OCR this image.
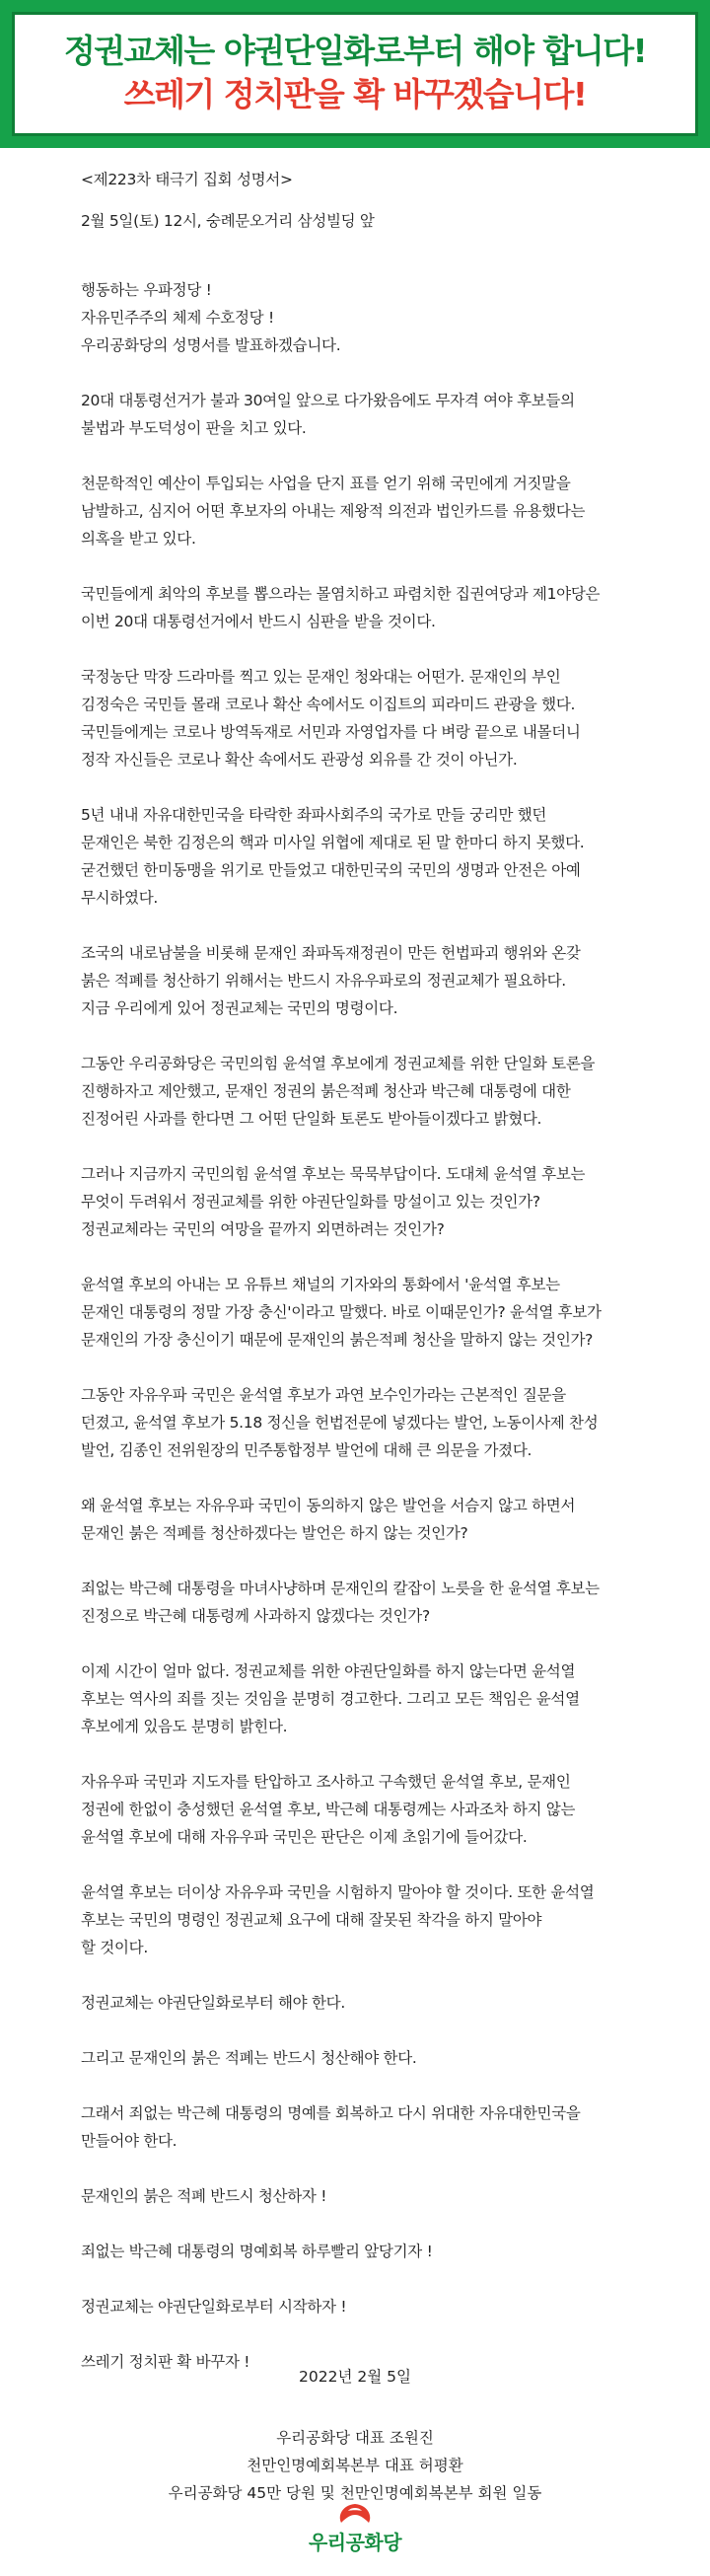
정권교체는 야권단일화로부터 해야 합니다!
쓰레기 정치판을 확 바꾸겠습니다!

<제223차 태극기 집회 성명서>

2월 5일(토) 12시, 숭례문오거리 삼성빌딩 앞

행동하는 우파정당 !
자유민주주의 체제 수호정당 !
우리공화당의 성명서를 발표하겠습니다.
20대 대통령선거가 불과 30여일 앞으로 다가왔음에도 무자격 여야 후보들의
불법과 부도덕성이 판을 치고 있다.
천문학적인 예산이 투입되는 사업을 단지 표를 얻기 위해 국민에게 거짓말을
남발하고, 심지어 어떤 후보자의 아내는 제왕적 의전과 법인카드를 유용했다는
의혹을 받고 있다.
국민들에게 최악의 후보를 뽑으라는 몰염치하고 파렴치한 집권여당과 제1야당은
이번 20대 대통령선거에서 반드시 심판을 받을 것이다.
국정농단 막장 드라마를 찍고 있는 문재인 청와대는 어떤가. 문재인의 부인
김정숙은 국민들 몰래 코로나 확산 속에서도 이집트의 피라미드 관광을 했다.
국민들에게는 코로나 방역독재로 서민과 자영업자를 다 벼랑 끝으로 내몰더니
정작 자신들은 코로나 확산 속에서도 관광성 외유를 간 것이 아닌가.
5년 내내 자유대한민국을 타락한 좌파사회주의 국가로 만들 궁리만 했던
문재인은 북한 김정은의 핵과 미사일 위협에 제대로 된 말 한마디 하지 못했다.
굳건했던 한미동맹을 위기로 만들었고 대한민국의 국민의 생명과 안전은 아예
무시하였다.
조국의 내로남불을 비롯해 문재인 좌파독재정권이 만든 헌법파괴 행위와 온갖
붉은 적폐를 청산하기 위해서는 반드시 자유우파로의 정권교체가 필요하다.
지금 우리에게 있어 정권교체는 국민의 명령이다.
그동안 우리공화당은 국민의힘 윤석열 후보에게 정권교체를 위한 단일화 토론을
진행하자고 제안했고, 문재인 정권의 붉은적폐 청산과 박근혜 대통령에 대한
진정어린 사과를 한다면 그 어떤 단일화 토론도 받아들이겠다고 밝혔다.
그러나 지금까지 국민의힘 윤석열 후보는 묵묵부답이다. 도대체 윤석열 후보는
무엇이 두려워서 정권교체를 위한 야권단일화를 망설이고 있는 것인가?
정권교체라는 국민의 여망을 끝까지 외면하려는 것인가?
윤석열 후보의 아내는 모 유튜브 채널의 기자와의 통화에서 '윤석열 후보는
문재인 대통령의 정말 가장 충신'이라고 말했다. 바로 이때문인가? 윤석열 후보가
문재인의 가장 충신이기 때문에 문재인의 붉은적폐 청산을 말하지 않는 것인가?
그동안 자유우파 국민은 윤석열 후보가 과연 보수인가라는 근본적인 질문을
던졌고, 윤석열 후보가 5.18 정신을 헌법전문에 넣겠다는 발언, 노동이사제 찬성
발언, 김종인 전위원장의 민주통합정부 발언에 대해 큰 의문을 가졌다.
왜 윤석열 후보는 자유우파 국민이 동의하지 않은 발언을 서슴지 않고 하면서
문재인 붉은 적폐를 청산하겠다는 발언은 하지 않는 것인가?
죄없는 박근혜 대통령을 마녀사냥하며 문재인의 칼잡이 노릇을 한 윤석열 후보는
진정으로 박근혜 대통령께 사과하지 않겠다는 것인가?
이제 시간이 얼마 없다. 정권교체를 위한 야권단일화를 하지 않는다면 윤석열
후보는 역사의 죄를 짓는 것임을 분명히 경고한다. 그리고 모든 책임은 윤석열
후보에게 있음도 분명히 밝힌다.
자유우파 국민과 지도자를 탄압하고 조사하고 구속했던 윤석열 후보, 문재인
정권에 한없이 충성했던 윤석열 후보, 박근혜 대통령께는 사과조차 하지 않는
윤석열 후보에 대해 자유우파 국민은 판단은 이제 초읽기에 들어갔다.
윤석열 후보는 더이상 자유우파 국민을 시험하지 말아야 할 것이다. 또한 윤석열
후보는 국민의 명령인 정권교체 요구에 대해 잘못된 착각을 하지 말아야
할 것이다.
정권교체는 야권단일화로부터 해야 한다.
그리고 문재인의 붉은 적폐는 반드시 청산해야 한다.
그래서 죄없는 박근혜 대통령의 명예를 회복하고 다시 위대한 자유대한민국을
만들어야 한다.
문재인의 붉은 적폐 반드시 청산하자 !
죄없는 박근혜 대통령의 명예회복 하루빨리 앞당기자 !
정권교체는 야권단일화로부터 시작하자 !
쓰레기 정치판 확 바꾸자 !
2022년 2월 5일
우리공화당 대표 조원진
천만인명예회복본부 대표 허평환
우리공화당 45만 당원 및 천만인명예회복본부 회원 일동
우리공화당
